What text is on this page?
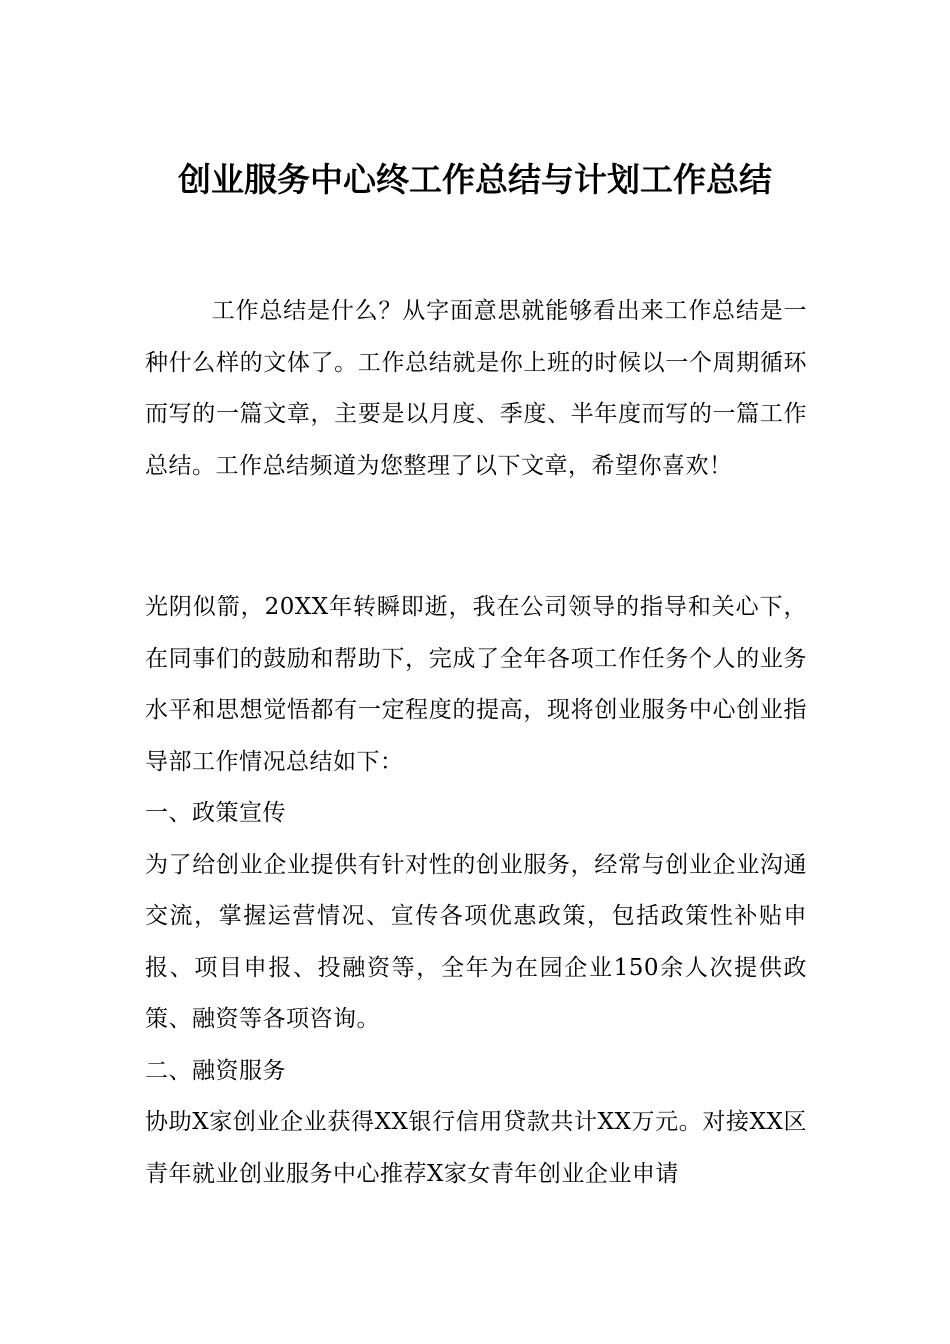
创业服务中心终工作总结与计划工作总结

工作总结是什么？从字面意思就能够看出来工作总结是一种什么样的文体了。工作总结就是你上班的时候以一个周期循环而写的一篇文章，主要是以月度、季度、半年度而写的一篇工作总结。工作总结频道为您整理了以下文章，希望你喜欢！

光阴似箭，20XX年转瞬即逝，我在公司领导的指导和关心下，在同事们的鼓励和帮助下，完成了全年各项工作任务个人的业务水平和思想觉悟都有一定程度的提高，现将创业服务中心创业指导部工作情况总结如下：

一、政策宣传

为了给创业企业提供有针对性的创业服务，经常与创业企业沟通交流，掌握运营情况、宣传各项优惠政策，包括政策性补贴申报、项目申报、投融资等，全年为在园企业150余人次提供政策、融资等各项咨询。

二、融资服务

协助X家创业企业获得XX银行信用贷款共计XX万元。对接XX区青年就业创业服务中心推荐X家女青年创业企业申请
